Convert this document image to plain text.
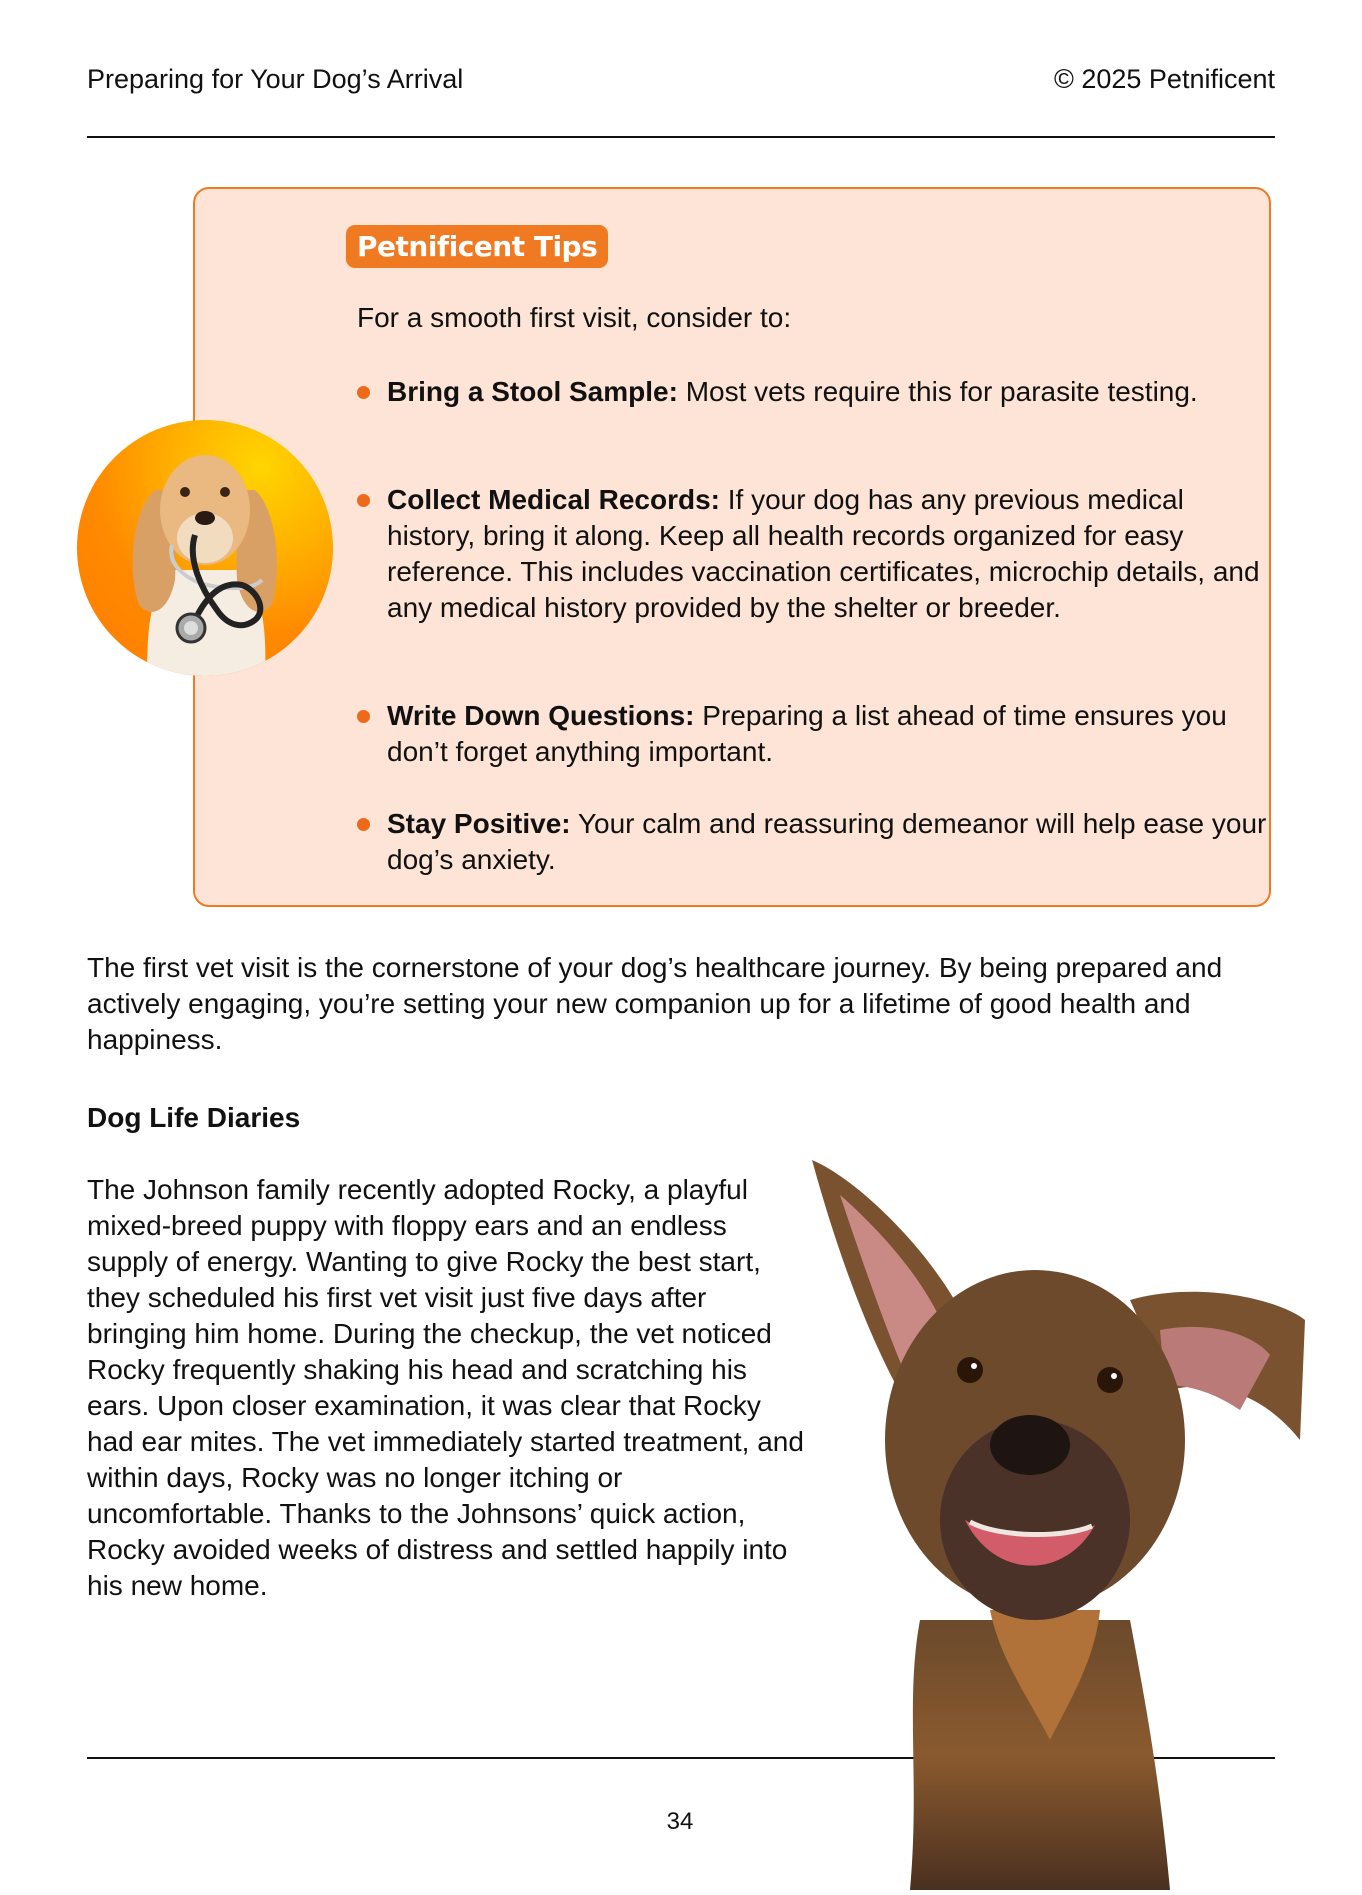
Preparing for Your Dog’s Arrival	© 2025 Petnificent
Petnificent Tips
For a smooth first visit, consider to:
Bring a Stool Sample: Most vets require this for parasite testing.
Collect Medical Records: If your dog has any previous medical history, bring it along. Keep all health records organized for easy reference. This includes vaccination certificates, microchip details, and any medical history provided by the shelter or breeder.
Write Down Questions: Preparing a list ahead of time ensures you don’t forget anything important.
Stay Positive: Your calm and reassuring demeanor will help ease your dog’s anxiety.
The first vet visit is the cornerstone of your dog’s healthcare journey. By being prepared and actively engaging, you’re setting your new companion up for a lifetime of good health and happiness.
Dog Life Diaries
The Johnson family recently adopted Rocky, a playful mixed-breed puppy with floppy ears and an endless supply of energy. Wanting to give Rocky the best start, they scheduled his first vet visit just five days after bringing him home. During the checkup, the vet noticed Rocky frequently shaking his head and scratching his ears. Upon closer examination, it was clear that Rocky had ear mites. The vet immediately started treatment, and within days, Rocky was no longer itching or uncomfortable. Thanks to the Johnsons’ quick action, Rocky avoided weeks of distress and settled happily into his new home.
34
